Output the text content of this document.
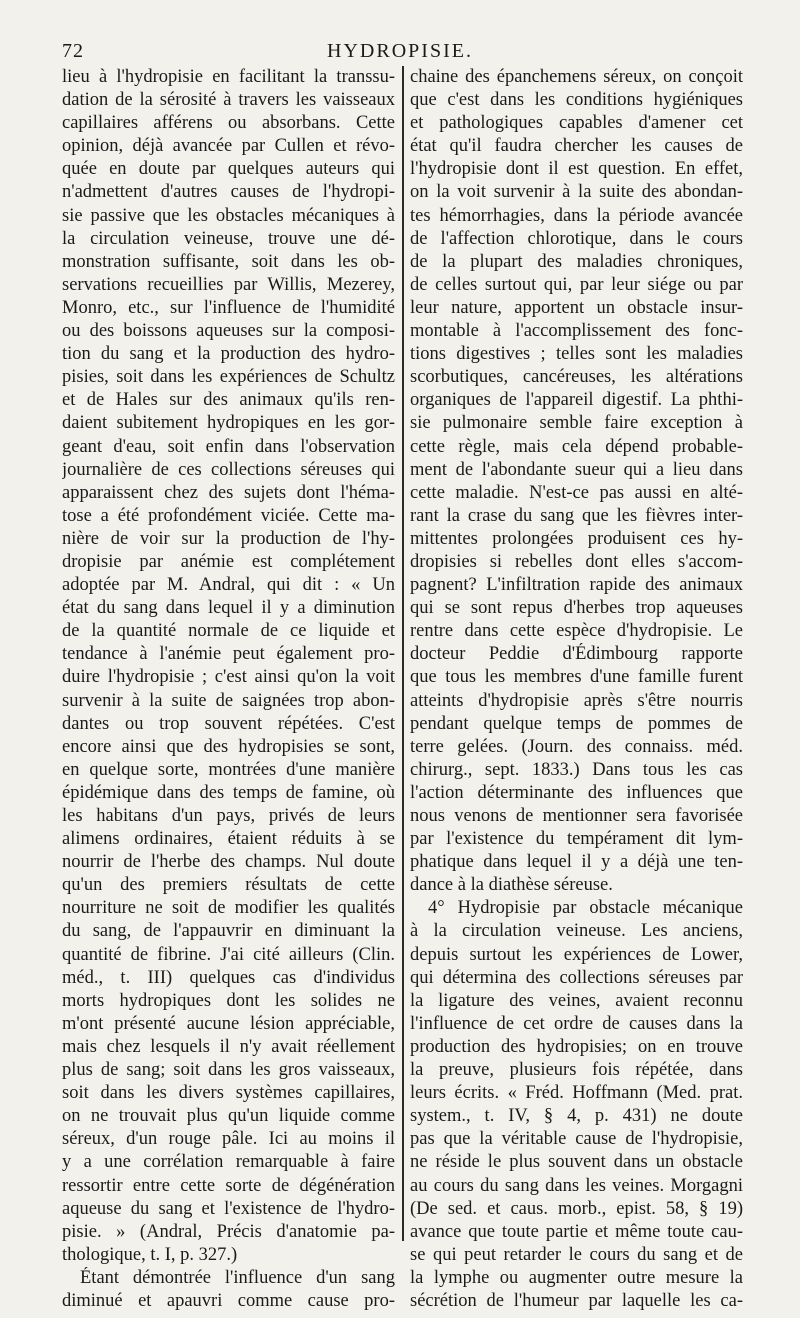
72	HYDROPISIE.
lieu à l'hydropisie en facilitant la transsu-
dation de la sérosité à travers les vaisseaux
capillaires afférens ou absorbans. Cette
opinion, déjà avancée par Cullen et révo-
quée en doute par quelques auteurs qui
n'admettent d'autres causes de l'hydropi-
sie passive que les obstacles mécaniques à
la circulation veineuse, trouve une dé-
monstration suffisante, soit dans les ob-
servations recueillies par Willis, Mezerey,
Monro, etc., sur l'influence de l'humidité
ou des boissons aqueuses sur la composi-
tion du sang et la production des hydro-
pisies, soit dans les expériences de Schultz
et de Hales sur des animaux qu'ils ren-
daient subitement hydropiques en les gor-
geant d'eau, soit enfin dans l'observation
journalière de ces collections séreuses qui
apparaissent chez des sujets dont l'héma-
tose a été profondément viciée. Cette ma-
nière de voir sur la production de l'hy-
dropisie par anémie est complétement
adoptée par M. Andral, qui dit : « Un
état du sang dans lequel il y a diminution
de la quantité normale de ce liquide et
tendance à l'anémie peut également pro-
duire l'hydropisie ; c'est ainsi qu'on la voit
survenir à la suite de saignées trop abon-
dantes ou trop souvent répétées. C'est
encore ainsi que des hydropisies se sont,
en quelque sorte, montrées d'une manière
épidémique dans des temps de famine, où
les habitans d'un pays, privés de leurs
alimens ordinaires, étaient réduits à se
nourrir de l'herbe des champs. Nul doute
qu'un des premiers résultats de cette
nourriture ne soit de modifier les qualités
du sang, de l'appauvrir en diminuant la
quantité de fibrine. J'ai cité ailleurs (Clin.
méd., t. III) quelques cas d'individus
morts hydropiques dont les solides ne
m'ont présenté aucune lésion appréciable,
mais chez lesquels il n'y avait réellement
plus de sang; soit dans les gros vaisseaux,
soit dans les divers systèmes capillaires,
on ne trouvait plus qu'un liquide comme
séreux, d'un rouge pâle. Ici au moins il
y a une corrélation remarquable à faire
ressortir entre cette sorte de dégénération
aqueuse du sang et l'existence de l'hydro-
pisie. » (Andral, Précis d'anatomie pa-
thologique, t. I, p. 327.)
Étant démontrée l'influence d'un sang
diminué et apauvri comme cause pro-
chaine des épanchemens séreux, on conçoit
que c'est dans les conditions hygiéniques
et pathologiques capables d'amener cet
état qu'il faudra chercher les causes de
l'hydropisie dont il est question. En effet,
on la voit survenir à la suite des abondan-
tes hémorrhagies, dans la période avancée
de l'affection chlorotique, dans le cours
de la plupart des maladies chroniques,
de celles surtout qui, par leur siége ou par
leur nature, apportent un obstacle insur-
montable à l'accomplissement des fonc-
tions digestives ; telles sont les maladies
scorbutiques, cancéreuses, les altérations
organiques de l'appareil digestif. La phthi-
sie pulmonaire semble faire exception à
cette règle, mais cela dépend probable-
ment de l'abondante sueur qui a lieu dans
cette maladie. N'est-ce pas aussi en alté-
rant la crase du sang que les fièvres inter-
mittentes prolongées produisent ces hy-
dropisies si rebelles dont elles s'accom-
pagnent? L'infiltration rapide des animaux
qui se sont repus d'herbes trop aqueuses
rentre dans cette espèce d'hydropisie. Le
docteur Peddie d'Édimbourg rapporte
que tous les membres d'une famille furent
atteints d'hydropisie après s'être nourris
pendant quelque temps de pommes de
terre gelées. (Journ. des connaiss. méd.
chirurg., sept. 1833.) Dans tous les cas
l'action déterminante des influences que
nous venons de mentionner sera favorisée
par l'existence du tempérament dit lym-
phatique dans lequel il y a déjà une ten-
dance à la diathèse séreuse.
4° Hydropisie par obstacle mécanique
à la circulation veineuse. Les anciens,
depuis surtout les expériences de Lower,
qui détermina des collections séreuses par
la ligature des veines, avaient reconnu
l'influence de cet ordre de causes dans la
production des hydropisies; on en trouve
la preuve, plusieurs fois répétée, dans
leurs écrits. « Fréd. Hoffmann (Med. prat.
system., t. IV, § 4, p. 431) ne doute
pas que la véritable cause de l'hydropisie,
ne réside le plus souvent dans un obstacle
au cours du sang dans les veines. Morgagni
(De sed. et caus. morb., epist. 58, § 19)
avance que toute partie et même toute cau-
se qui peut retarder le cours du sang et de
la lymphe ou augmenter outre mesure la
sécrétion de l'humeur par laquelle les ca-
